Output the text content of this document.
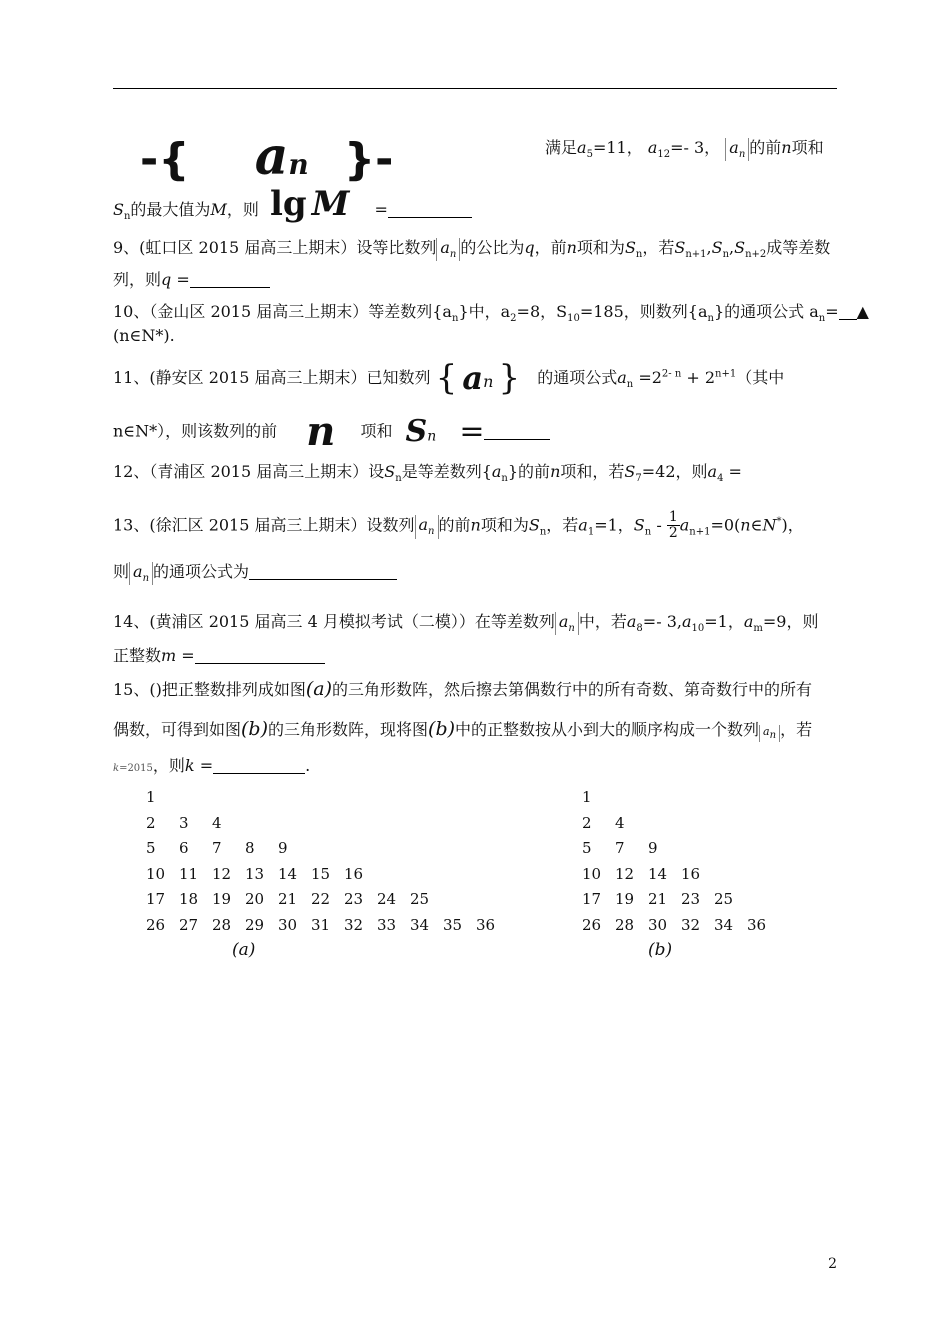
-{ an }-	满足$a_5=11$， $a_{12}=-$ 3， $a_n$ 的前n项和
$S_n$的最大值为M，则 lg M =
9、(虹口区 2015 届高三上期末）设等比数列 $a_n$ 的公比为q，前n项和为$S_n$，若$S_{n+1},S_n,S_{n+2}$成等差数
列，则q =
10、（金山区 2015 届高三上期末）等差数列$\{a_n\}$中，$a_2=8$，$S_{10}=185$，则数列$\{a_n\}$的通项公式 $a_n=$ ▲
(n∈N*).
11、(静安区 2015 届高三上期末）已知数列 { $a_n$ } 的通项公式$a_n =2^{2- n} + 2^{n+1}$（其中
n∈N*），则该数列的前 n 项和 $S_n$ =
12、（青浦区 2015 届高三上期末）设$S_n$是等差数列$\{a_n\}$的前n项和，若$S_7=42$，则$a_4$ =
13、(徐汇区 2015 届高三上期末）设数列 $a_n$ 的前n项和为$S_n$，若$a_1=1$，$S_n - \frac{1}{2}$ $a_{n+1}=0(n\in N^*)$，
则 $a_n$ 的通项公式为
14、(黄浦区 2015 届高三 4 月模拟考试（二模））在等差数列 $a_n$ 中，若$a_8=-$ $3,a_{10}=1$，$a_m=9$，则
正整数m =
15、()把正整数排列成如图(a)的三角形数阵，然后擦去第偶数行中的所有奇数、第奇数行中的所有
偶数，可得到如图(b)的三角形数阵，现将图(b)中的正整数按从小到大的顺序构成一个数列 $a_n$ ，若
k=2015，则k =	.
1
2 3 4
5 6 7 8 9
10 11 12 13 14 15 16
17 18 19 20 21 22 23 24 25
26 27 28 29 30 31 32 33 34 35 36
(a)
1
2 4
5 7 9
10 12 14 16
17 19 21 23 25
26 28 30 32 34 36
(b)
2
